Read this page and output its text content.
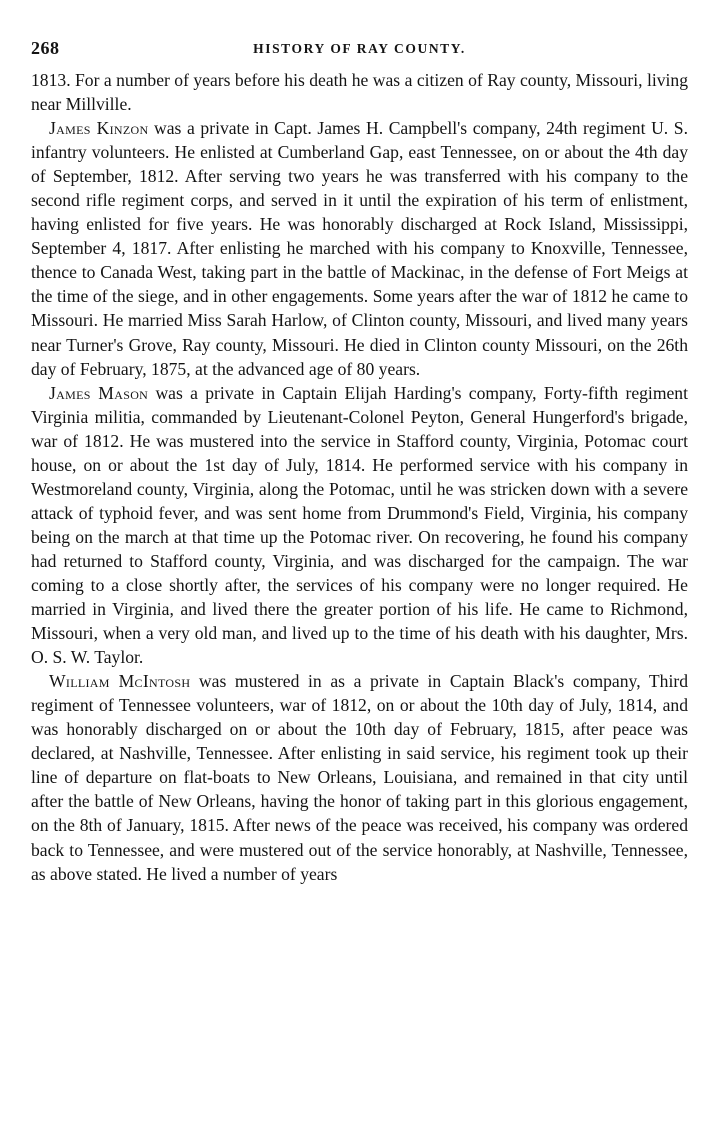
268	HISTORY OF RAY COUNTY.

1813. For a number of years before his death he was a citizen of Ray county, Missouri, living near Millville.

James Kinzon was a private in Capt. James H. Campbell's company, 24th regiment U. S. infantry volunteers. He enlisted at Cumberland Gap, east Tennessee, on or about the 4th day of September, 1812. After serving two years he was transferred with his company to the second rifle regiment corps, and served in it until the expiration of his term of enlistment, having enlisted for five years. He was honorably discharged at Rock Island, Mississippi, September 4, 1817. After enlisting he marched with his company to Knoxville, Tennessee, thence to Canada West, taking part in the battle of Mackinac, in the defense of Fort Meigs at the time of the siege, and in other engagements. Some years after the war of 1812 he came to Missouri. He married Miss Sarah Harlow, of Clinton county, Missouri, and lived many years near Turner's Grove, Ray county, Missouri. He died in Clinton county Missouri, on the 26th day of February, 1875, at the advanced age of 80 years.

James Mason was a private in Captain Elijah Harding's company, Forty-fifth regiment Virginia militia, commanded by Lieutenant-Colonel Peyton, General Hungerford's brigade, war of 1812. He was mustered into the service in Stafford county, Virginia, Potomac court house, on or about the 1st day of July, 1814. He performed service with his company in Westmoreland county, Virginia, along the Potomac, until he was stricken down with a severe attack of typhoid fever, and was sent home from Drummond's Field, Virginia, his company being on the march at that time up the Potomac river. On recovering, he found his company had returned to Stafford county, Virginia, and was discharged for the campaign. The war coming to a close shortly after, the services of his company were no longer required. He married in Virginia, and lived there the greater portion of his life. He came to Richmond, Missouri, when a very old man, and lived up to the time of his death with his daughter, Mrs. O. S. W. Taylor.

William McIntosh was mustered in as a private in Captain Black's company, Third regiment of Tennessee volunteers, war of 1812, on or about the 10th day of July, 1814, and was honorably discharged on or about the 10th day of February, 1815, after peace was declared, at Nashville, Tennessee. After enlisting in said service, his regiment took up their line of departure on flat-boats to New Orleans, Louisiana, and remained in that city until after the battle of New Orleans, having the honor of taking part in this glorious engagement, on the 8th of January, 1815. After news of the peace was received, his company was ordered back to Tennessee, and were mustered out of the service honorably, at Nashville, Tennessee, as above stated. He lived a number of years
